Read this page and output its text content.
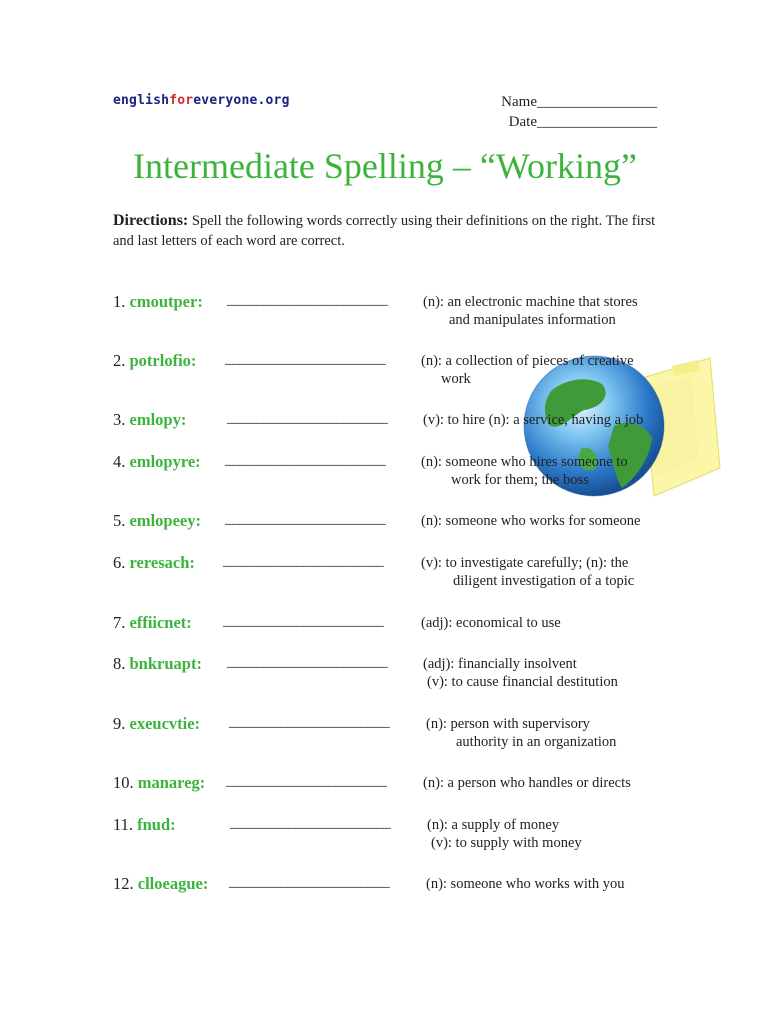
englishforeveryone.org	Name________________
Date________________
Intermediate Spelling – “Working”
Directions: Spell the following words correctly using their definitions on the right. The first and last letters of each word are correct.
1. cmoutper: ______________________ (n): an electronic machine that stores
and manipulates information
2. potrlofio: ______________________ (n): a collection of pieces of creative
work
3. emlopy:	______________________ (v): to hire (n): a service, having a job
4. emlopyre: ______________________ (n): someone who hires someone to
work for them; the boss
5. emlopeey: ______________________ (n): someone who works for someone
6. reresach: ______________________	(v): to investigate carefully; (n): the
diligent investigation of a topic
7. effiicnet: ______________________	(adj): economical to use
8. bnkruapt: ______________________ (adj): financially insolvent
(v): to cause financial destitution
9. exeucvtie: ______________________	(n): person with supervisory
authority in an organization
10. manareg: ______________________	(n): a person who handles or directs
11. fnud:	______________________	(n): a supply of money
(v): to supply with money
12. clloeague: ______________________	(n): someone who works with you
